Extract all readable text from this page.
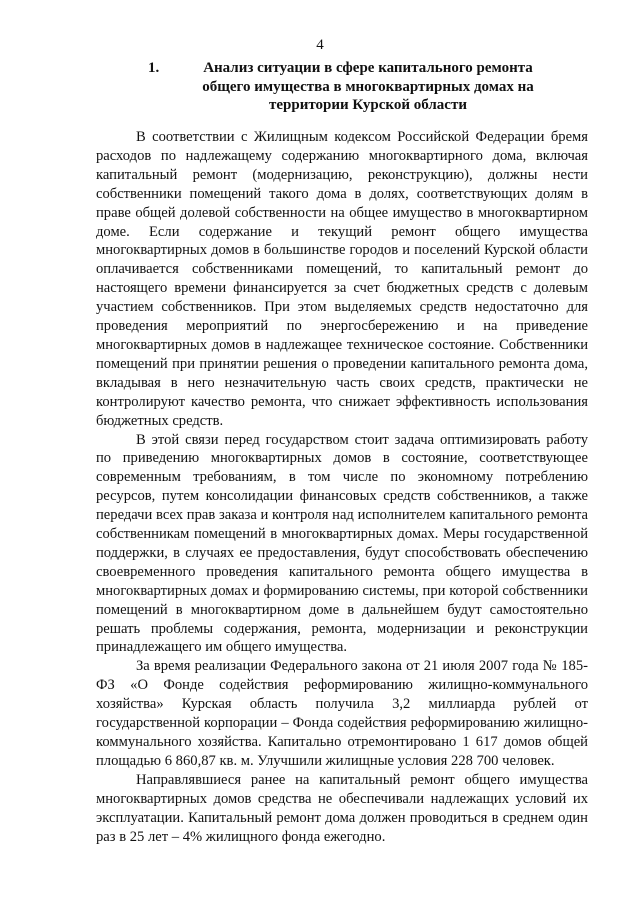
4
1.	Анализ ситуации в сфере капитального ремонта общего имущества в многоквартирных домах на территории Курской области

В соответствии с Жилищным кодексом Российской Федерации бремя расходов по надлежащему содержанию многоквартирного дома, включая капитальный ремонт (модернизацию, реконструкцию), должны нести собственники помещений такого дома в долях, соответствующих долям в праве общей долевой собственности на общее имущество в многоквартирном доме. Если содержание и текущий ремонт общего имущества многоквартирных домов в большинстве городов и поселений Курской области оплачивается собственниками помещений, то капитальный ремонт до настоящего времени финансируется за счет бюджетных средств с долевым участием собственников. При этом выделяемых средств недостаточно для проведения мероприятий по энергосбережению и на приведение многоквартирных домов в надлежащее техническое состояние. Собственники помещений при принятии решения о проведении капитального ремонта дома, вкладывая в него незначительную часть своих средств, практически не контролируют качество ремонта, что снижает эффективность использования бюджетных средств.

В этой связи перед государством стоит задача оптимизировать работу по приведению многоквартирных домов в состояние, соответствующее современным требованиям, в том числе по экономному потреблению ресурсов, путем консолидации финансовых средств собственников, а также передачи всех прав заказа и контроля над исполнителем капитального ремонта собственникам помещений в многоквартирных домах. Меры государственной поддержки, в случаях ее предоставления, будут способствовать обеспечению своевременного проведения капитального ремонта общего имущества в многоквартирных домах и формированию системы, при которой собственники помещений в многоквартирном доме в дальнейшем будут самостоятельно решать проблемы содержания, ремонта, модернизации и реконструкции принадлежащего им общего имущества.

За время реализации Федерального закона от 21 июля 2007 года № 185-ФЗ «О Фонде содействия реформированию жилищно-коммунального хозяйства» Курская область получила 3,2 миллиарда рублей от государственной корпорации – Фонда содействия реформированию жилищно-коммунального хозяйства. Капитально отремонтировано 1 617 домов общей площадью 6 860,87 кв. м. Улучшили жилищные условия 228 700 человек.

Направлявшиеся ранее на капитальный ремонт общего имущества многоквартирных домов средства не обеспечивали надлежащих условий их эксплуатации. Капитальный ремонт дома должен проводиться в среднем один раз в 25 лет – 4% жилищного фонда ежегодно.
